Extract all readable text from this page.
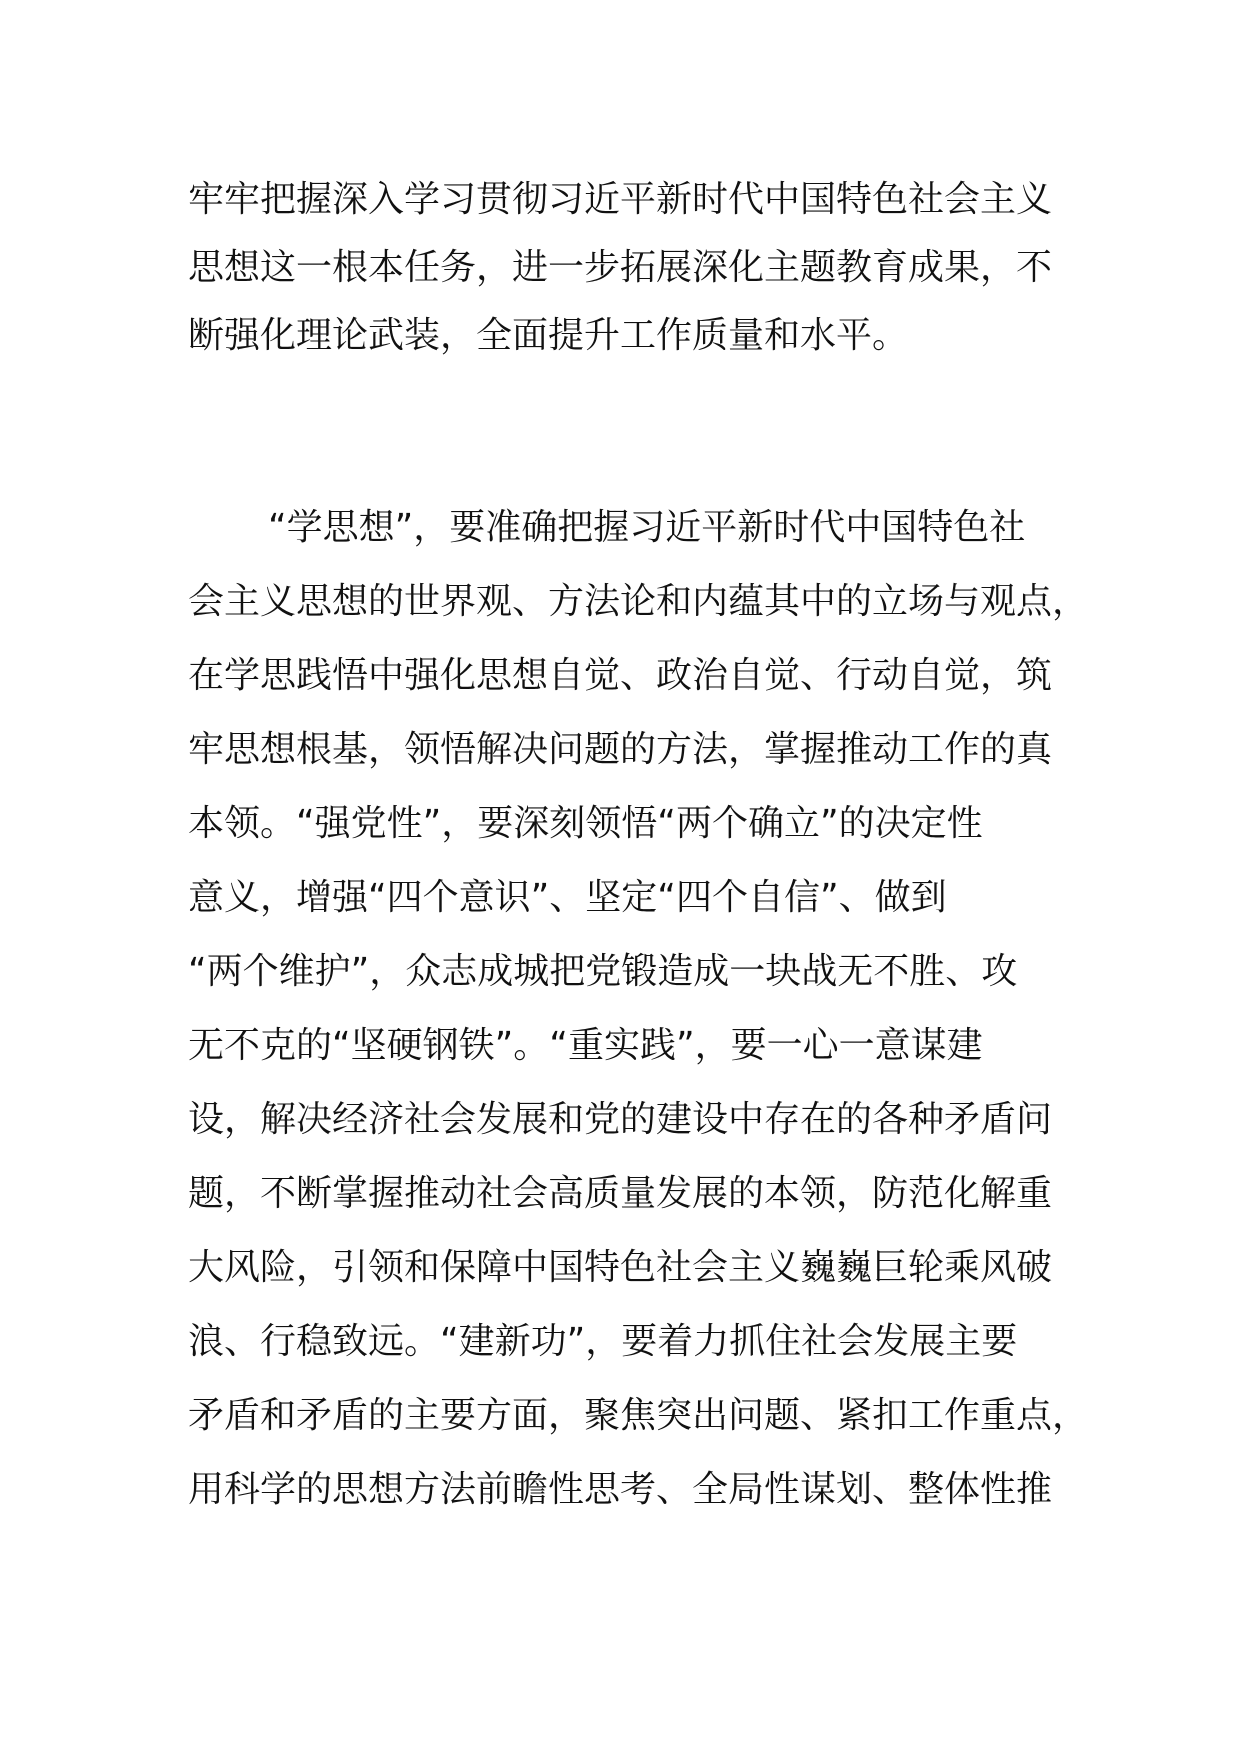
牢牢把握深入学习贯彻习近平新时代中国特色社会主义
思想这一根本任务，进一步拓展深化主题教育成果，不
断强化理论武装，全面提升工作质量和水平。
“学思想”，要准确把握习近平新时代中国特色社
会主义思想的世界观、方法论和内蕴其中的立场与观点，
在学思践悟中强化思想自觉、政治自觉、行动自觉，筑
牢思想根基，领悟解决问题的方法，掌握推动工作的真
本领。“强党性”，要深刻领悟“两个确立”的决定性
意义，增强“四个意识”、坚定“四个自信”、做到
“两个维护”，众志成城把党锻造成一块战无不胜、攻
无不克的“坚硬钢铁”。“重实践”，要一心一意谋建
设，解决经济社会发展和党的建设中存在的各种矛盾问
题，不断掌握推动社会高质量发展的本领，防范化解重
大风险，引领和保障中国特色社会主义巍巍巨轮乘风破
浪、行稳致远。“建新功”，要着力抓住社会发展主要
矛盾和矛盾的主要方面，聚焦突出问题、紧扣工作重点，
用科学的思想方法前瞻性思考、全局性谋划、整体性推
